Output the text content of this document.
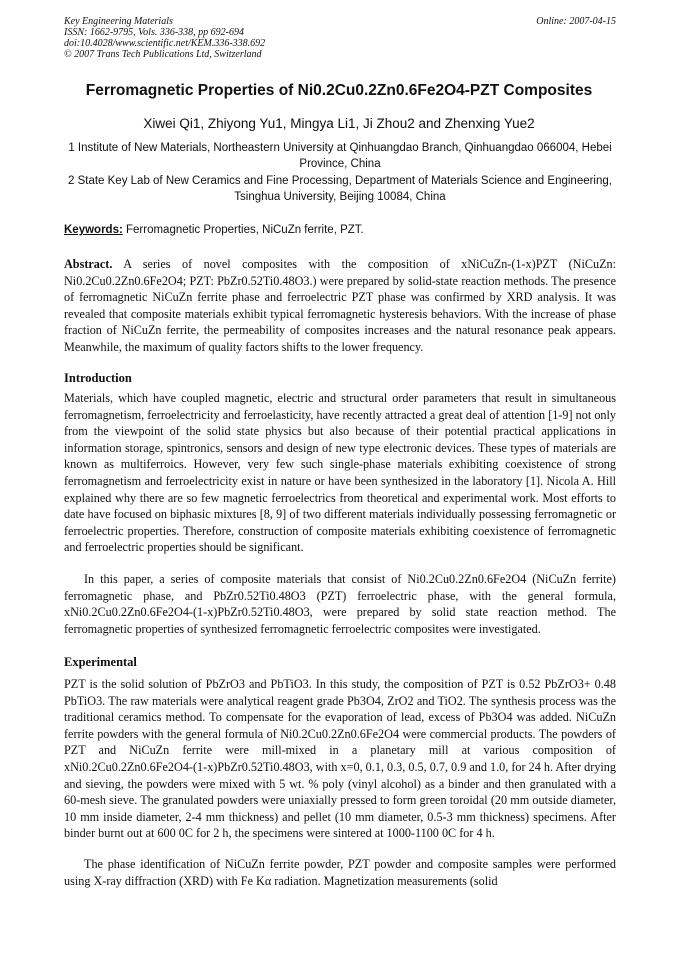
Key Engineering Materials
ISSN: 1662-9795, Vols. 336-338, pp 692-694
doi:10.4028/www.scientific.net/KEM.336-338.692
© 2007 Trans Tech Publications Ltd, Switzerland
Online: 2007-04-15
Ferromagnetic Properties of Ni0.2Cu0.2Zn0.6Fe2O4-PZT Composites
Xiwei Qi1, Zhiyong Yu1, Mingya Li1, Ji Zhou2 and Zhenxing Yue2
1 Institute of New Materials, Northeastern University at Qinhuangdao Branch, Qinhuangdao 066004, Hebei Province, China
2 State Key Lab of New Ceramics and Fine Processing, Department of Materials Science and Engineering, Tsinghua University, Beijing 10084, China
Keywords: Ferromagnetic Properties, NiCuZn ferrite, PZT.
Abstract. A series of novel composites with the composition of xNiCuZn-(1-x)PZT (NiCuZn: Ni0.2Cu0.2Zn0.6Fe2O4; PZT: PbZr0.52Ti0.48O3.) were prepared by solid-state reaction methods. The presence of ferromagnetic NiCuZn ferrite phase and ferroelectric PZT phase was confirmed by XRD analysis. It was revealed that composite materials exhibit typical ferromagnetic hysteresis behaviors. With the increase of phase fraction of NiCuZn ferrite, the permeability of composites increases and the natural resonance peak appears. Meanwhile, the maximum of quality factors shifts to the lower frequency.
Introduction
Materials, which have coupled magnetic, electric and structural order parameters that result in simultaneous ferromagnetism, ferroelectricity and ferroelasticity, have recently attracted a great deal of attention [1-9] not only from the viewpoint of the solid state physics but also because of their potential practical applications in information storage, spintronics, sensors and design of new type electronic devices. These types of materials are known as multiferroics. However, very few such single-phase materials exhibiting coexistence of strong ferromagnetism and ferroelectricity exist in nature or have been synthesized in the laboratory [1]. Nicola A. Hill explained why there are so few magnetic ferroelectrics from theoretical and experimental work. Most efforts to date have focused on biphasic mixtures [8, 9] of two different materials individually possessing ferromagnetic or ferroelectric properties. Therefore, construction of composite materials exhibiting coexistence of ferromagnetic and ferroelectric properties should be significant.
In this paper, a series of composite materials that consist of Ni0.2Cu0.2Zn0.6Fe2O4 (NiCuZn ferrite) ferromagnetic phase, and PbZr0.52Ti0.48O3 (PZT) ferroelectric phase, with the general formula, xNi0.2Cu0.2Zn0.6Fe2O4-(1-x)PbZr0.52Ti0.48O3, were prepared by solid state reaction method. The ferromagnetic properties of synthesized ferromagnetic ferroelectric composites were investigated.
Experimental
PZT is the solid solution of PbZrO3 and PbTiO3. In this study, the composition of PZT is 0.52 PbZrO3+ 0.48 PbTiO3. The raw materials were analytical reagent grade Pb3O4, ZrO2 and TiO2. The synthesis process was the traditional ceramics method. To compensate for the evaporation of lead, excess of Pb3O4 was added. NiCuZn ferrite powders with the general formula of Ni0.2Cu0.2Zn0.6Fe2O4 were commercial products. The powders of PZT and NiCuZn ferrite were mill-mixed in a planetary mill at various composition of xNi0.2Cu0.2Zn0.6Fe2O4-(1-x)PbZr0.52Ti0.48O3, with x=0, 0.1, 0.3, 0.5, 0.7, 0.9 and 1.0, for 24 h. After drying and sieving, the powders were mixed with 5 wt. % poly (vinyl alcohol) as a binder and then granulated with a 60-mesh sieve. The granulated powders were uniaxially pressed to form green toroidal (20 mm outside diameter, 10 mm inside diameter, 2-4 mm thickness) and pellet (10 mm diameter, 0.5-3 mm thickness) specimens. After binder burnt out at 600 0C for 2 h, the specimens were sintered at 1000-1100 0C for 4 h.
The phase identification of NiCuZn ferrite powder, PZT powder and composite samples were performed using X-ray diffraction (XRD) with Fe Kα radiation. Magnetization measurements (solid
